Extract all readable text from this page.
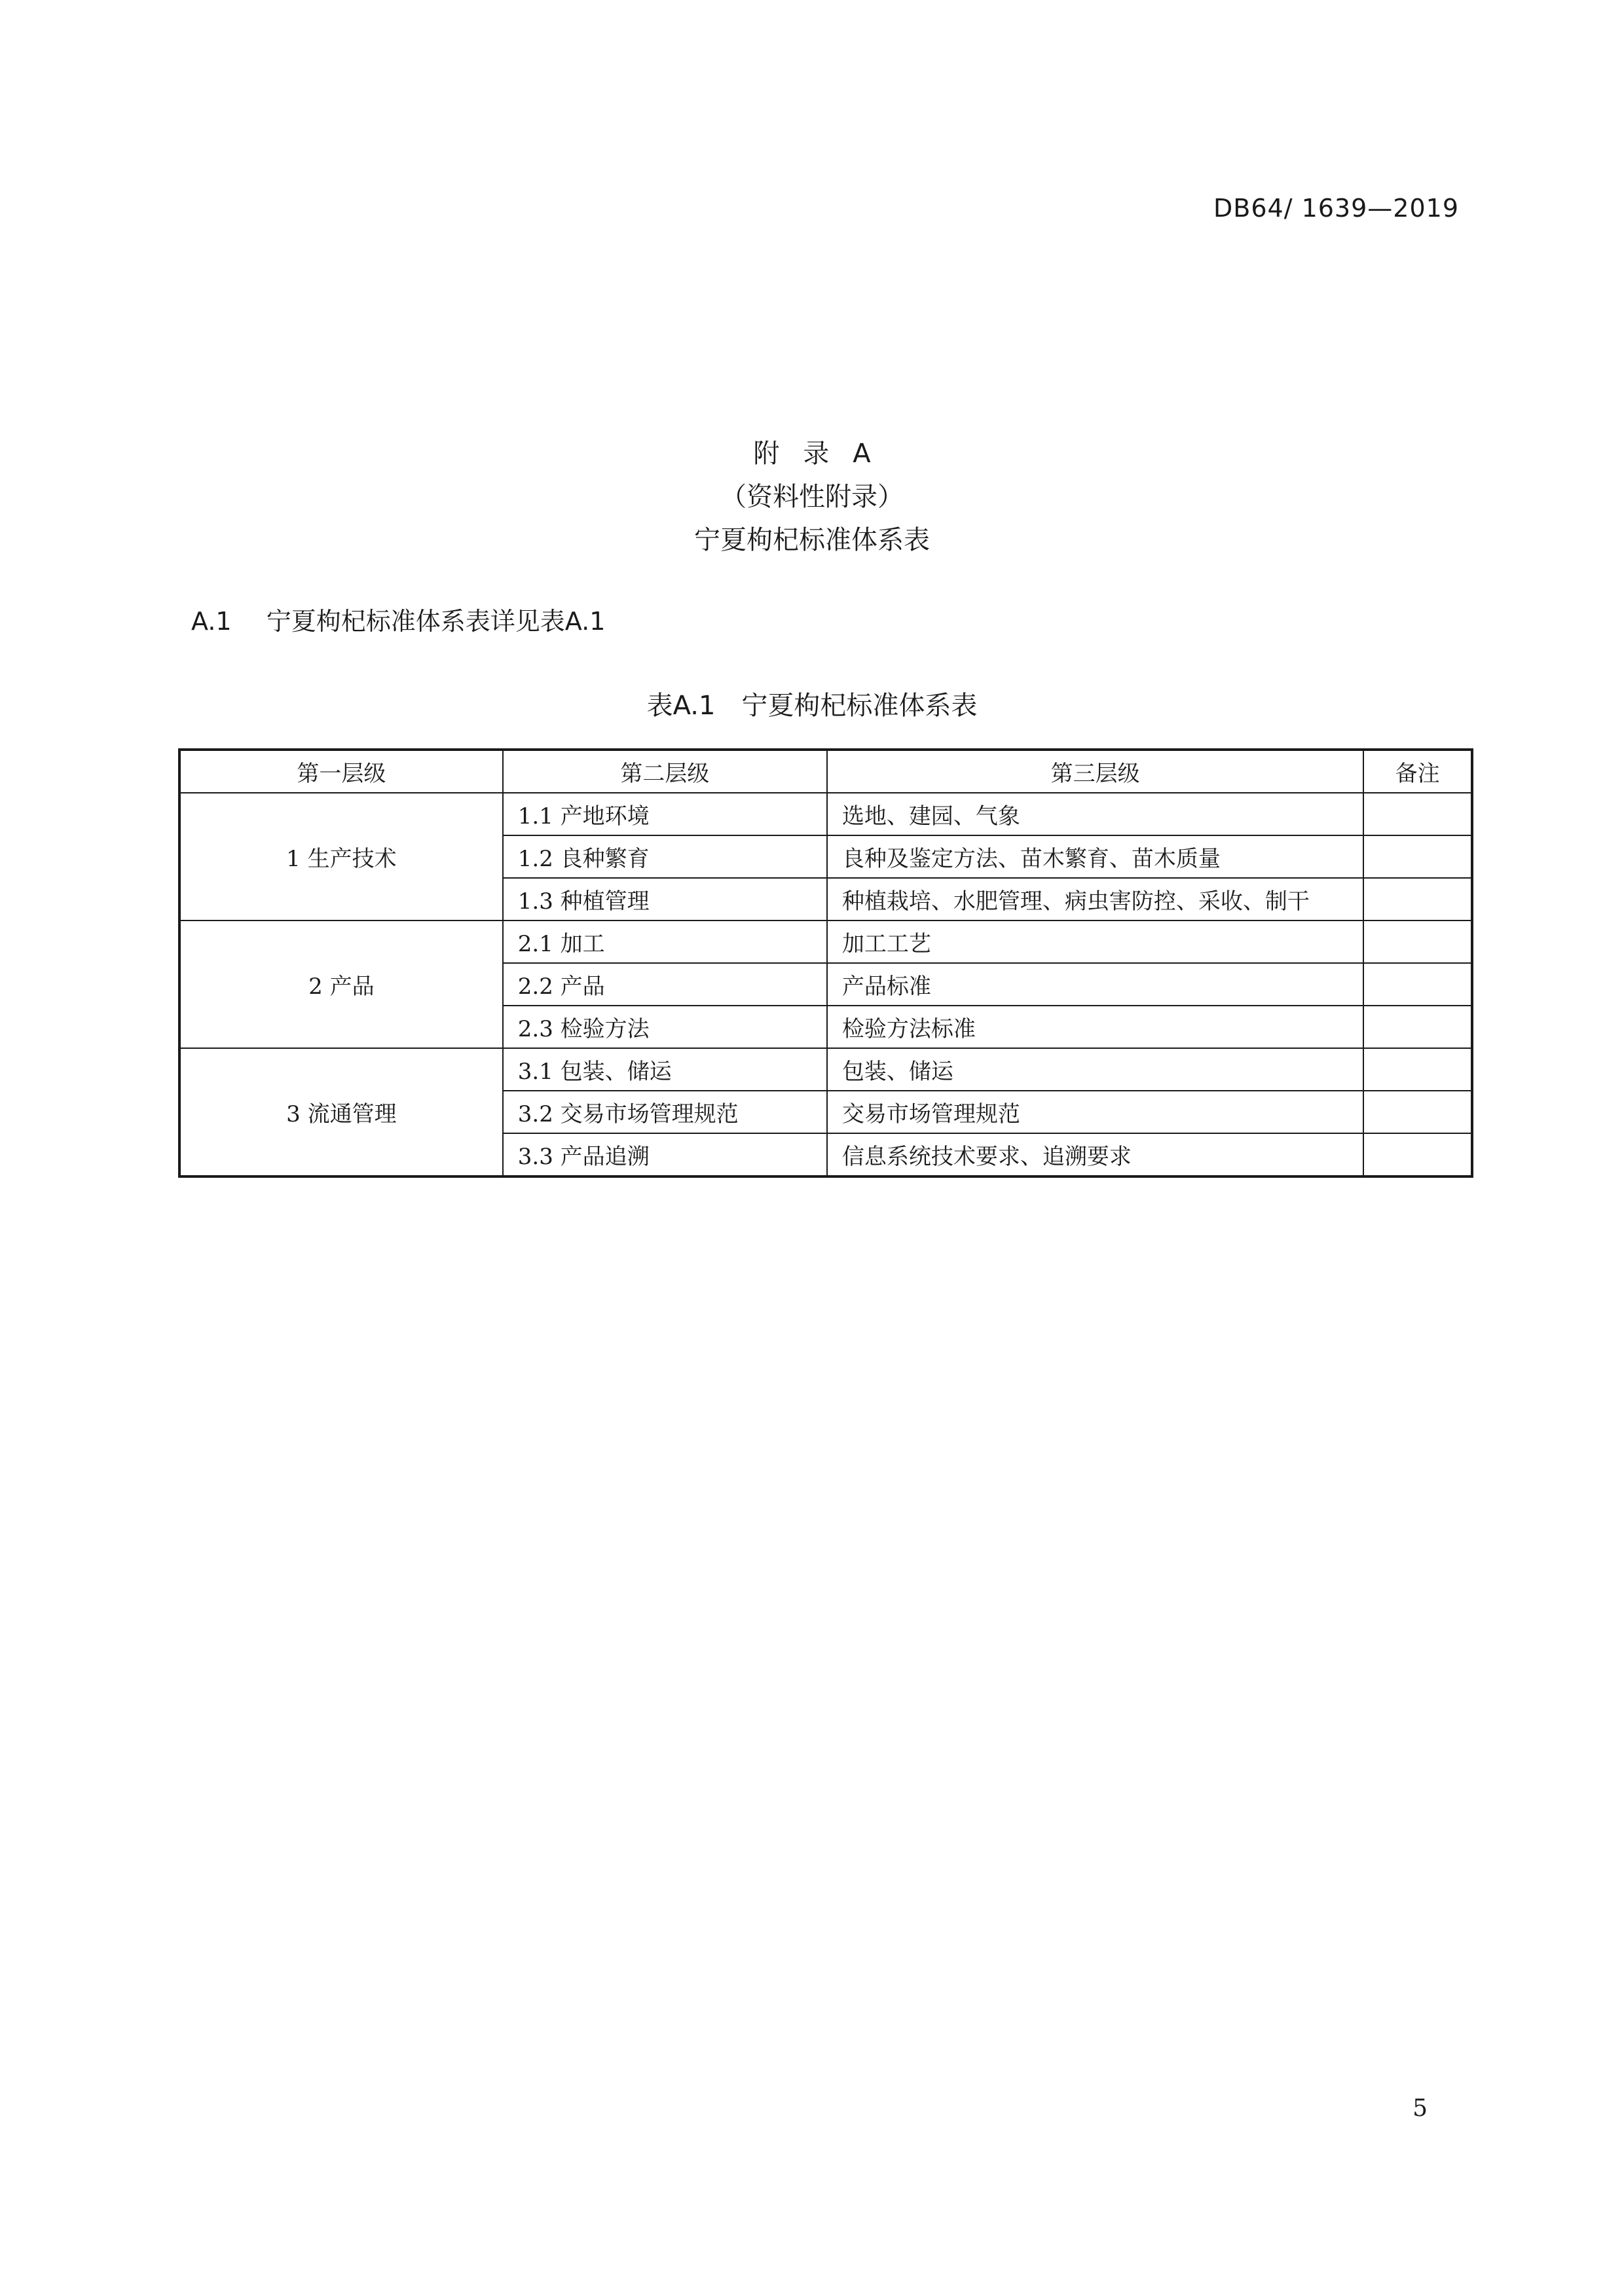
DB64/ 1639—2019
附录A
（资料性附录）
宁夏枸杞标准体系表
A.1 宁夏枸杞标准体系表详见表A.1
表A.1 宁夏枸杞标准体系表
第一层级	第二层级	第三层级	备注
1 生产技术	1.1 产地环境	选地、建园、气象	
	1.2 良种繁育	良种及鉴定方法、苗木繁育、苗木质量	
	1.3 种植管理	种植栽培、水肥管理、病虫害防控、采收、制干	
2 产品	2.1 加工	加工工艺	
	2.2 产品	产品标准	
	2.3 检验方法	检验方法标准	
3 流通管理	3.1 包装、储运	包装、储运	
	3.2 交易市场管理规范	交易市场管理规范	
	3.3 产品追溯	信息系统技术要求、追溯要求	
5
